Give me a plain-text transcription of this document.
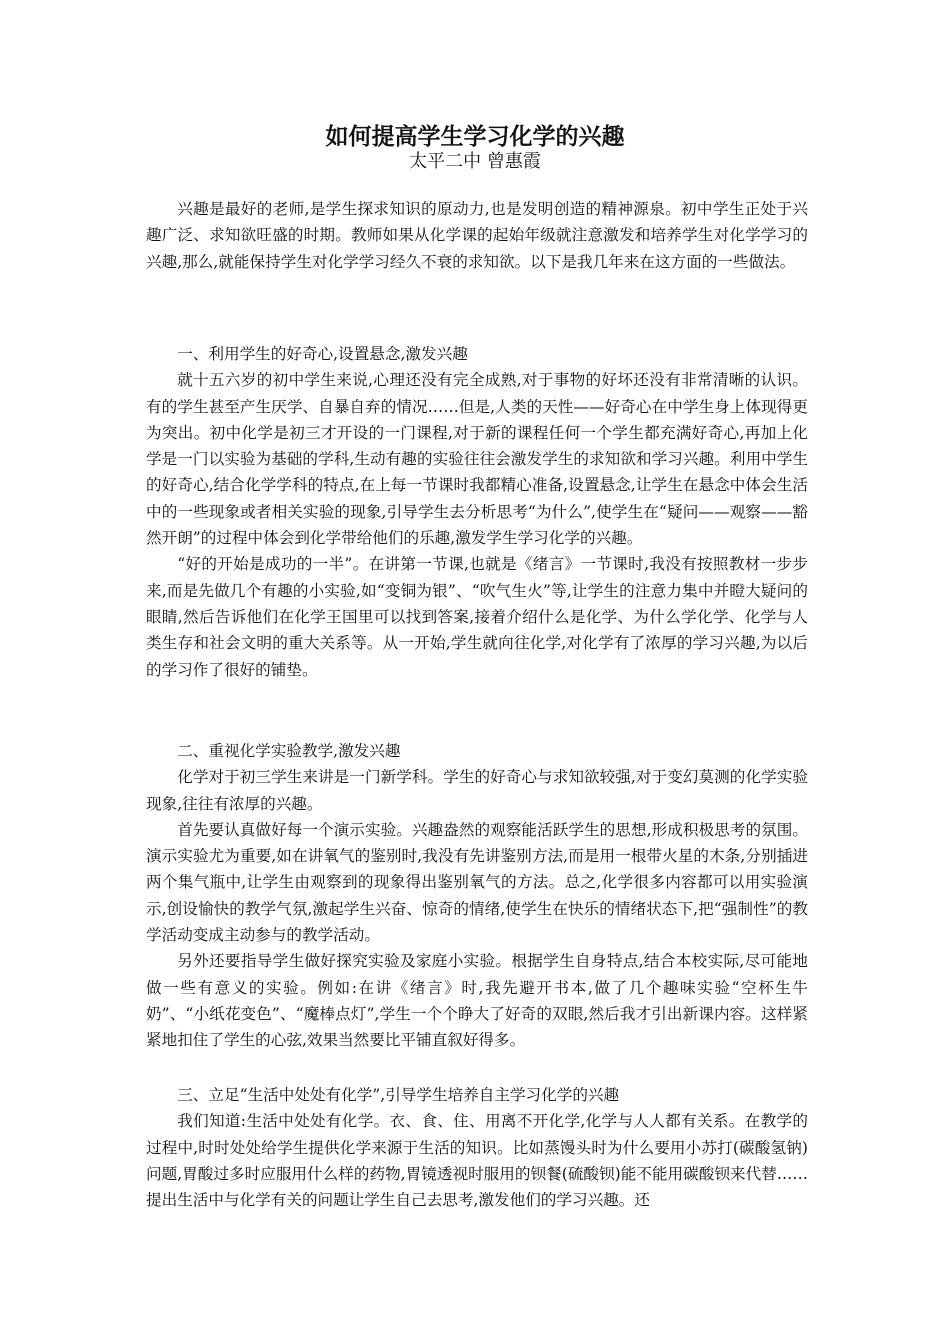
如何提高学生学习化学的兴趣
太平二中 曾惠霞

兴趣是最好的老师,是学生探求知识的原动力,也是发明创造的精神源泉。初中学生正处于兴趣广泛、求知欲旺盛的时期。教师如果从化学课的起始年级就注意激发和培养学生对化学学习的兴趣,那么,就能保持学生对化学学习经久不衰的求知欲。以下是我几年来在这方面的一些做法。

一、利用学生的好奇心,设置悬念,激发兴趣

就十五六岁的初中学生来说,心理还没有完全成熟,对于事物的好坏还没有非常清晰的认识。有的学生甚至产生厌学、自暴自弃的情况……但是,人类的天性——好奇心在中学生身上体现得更为突出。初中化学是初三才开设的一门课程,对于新的课程任何一个学生都充满好奇心,再加上化学是一门以实验为基础的学科,生动有趣的实验往往会激发学生的求知欲和学习兴趣。利用中学生的好奇心,结合化学学科的特点,在上每一节课时我都精心准备,设置悬念,让学生在悬念中体会生活中的一些现象或者相关实验的现象,引导学生去分析思考“为什么”,使学生在“疑问——观察——豁然开朗”的过程中体会到化学带给他们的乐趣,激发学生学习化学的兴趣。

“好的开始是成功的一半”。在讲第一节课,也就是《绪言》一节课时,我没有按照教材一步步来,而是先做几个有趣的小实验,如“变铜为银”、“吹气生火”等,让学生的注意力集中并瞪大疑问的眼睛,然后告诉他们在化学王国里可以找到答案,接着介绍什么是化学、为什么学化学、化学与人类生存和社会文明的重大关系等。从一开始,学生就向往化学,对化学有了浓厚的学习兴趣,为以后的学习作了很好的铺垫。

二、重视化学实验教学,激发兴趣

化学对于初三学生来讲是一门新学科。学生的好奇心与求知欲较强,对于变幻莫测的化学实验现象,往往有浓厚的兴趣。

首先要认真做好每一个演示实验。兴趣盎然的观察能活跃学生的思想,形成积极思考的氛围。演示实验尤为重要,如在讲氧气的鉴别时,我没有先讲鉴别方法,而是用一根带火星的木条,分别插进两个集气瓶中,让学生由观察到的现象得出鉴别氧气的方法。总之,化学很多内容都可以用实验演示,创设愉快的教学气氛,激起学生兴奋、惊奇的情绪,使学生在快乐的情绪状态下,把“强制性”的教学活动变成主动参与的教学活动。

另外还要指导学生做好探究实验及家庭小实验。根据学生自身特点,结合本校实际,尽可能地做一些有意义的实验。例如:在讲《绪言》时,我先避开书本,做了几个趣味实验“空杯生牛奶”、“小纸花变色”、“魔棒点灯”,学生一个个睁大了好奇的双眼,然后我才引出新课内容。这样紧紧地扣住了学生的心弦,效果当然要比平铺直叙好得多。

三、立足“生活中处处有化学”,引导学生培养自主学习化学的兴趣

我们知道:生活中处处有化学。衣、食、住、用离不开化学,化学与人人都有关系。在教学的过程中,时时处处给学生提供化学来源于生活的知识。比如蒸馒头时为什么要用小苏打(碳酸氢钠)问题,胃酸过多时应服用什么样的药物,胃镜透视时服用的钡餐(硫酸钡)能不能用碳酸钡来代替……提出生活中与化学有关的问题让学生自己去思考,激发他们的学习兴趣。还
